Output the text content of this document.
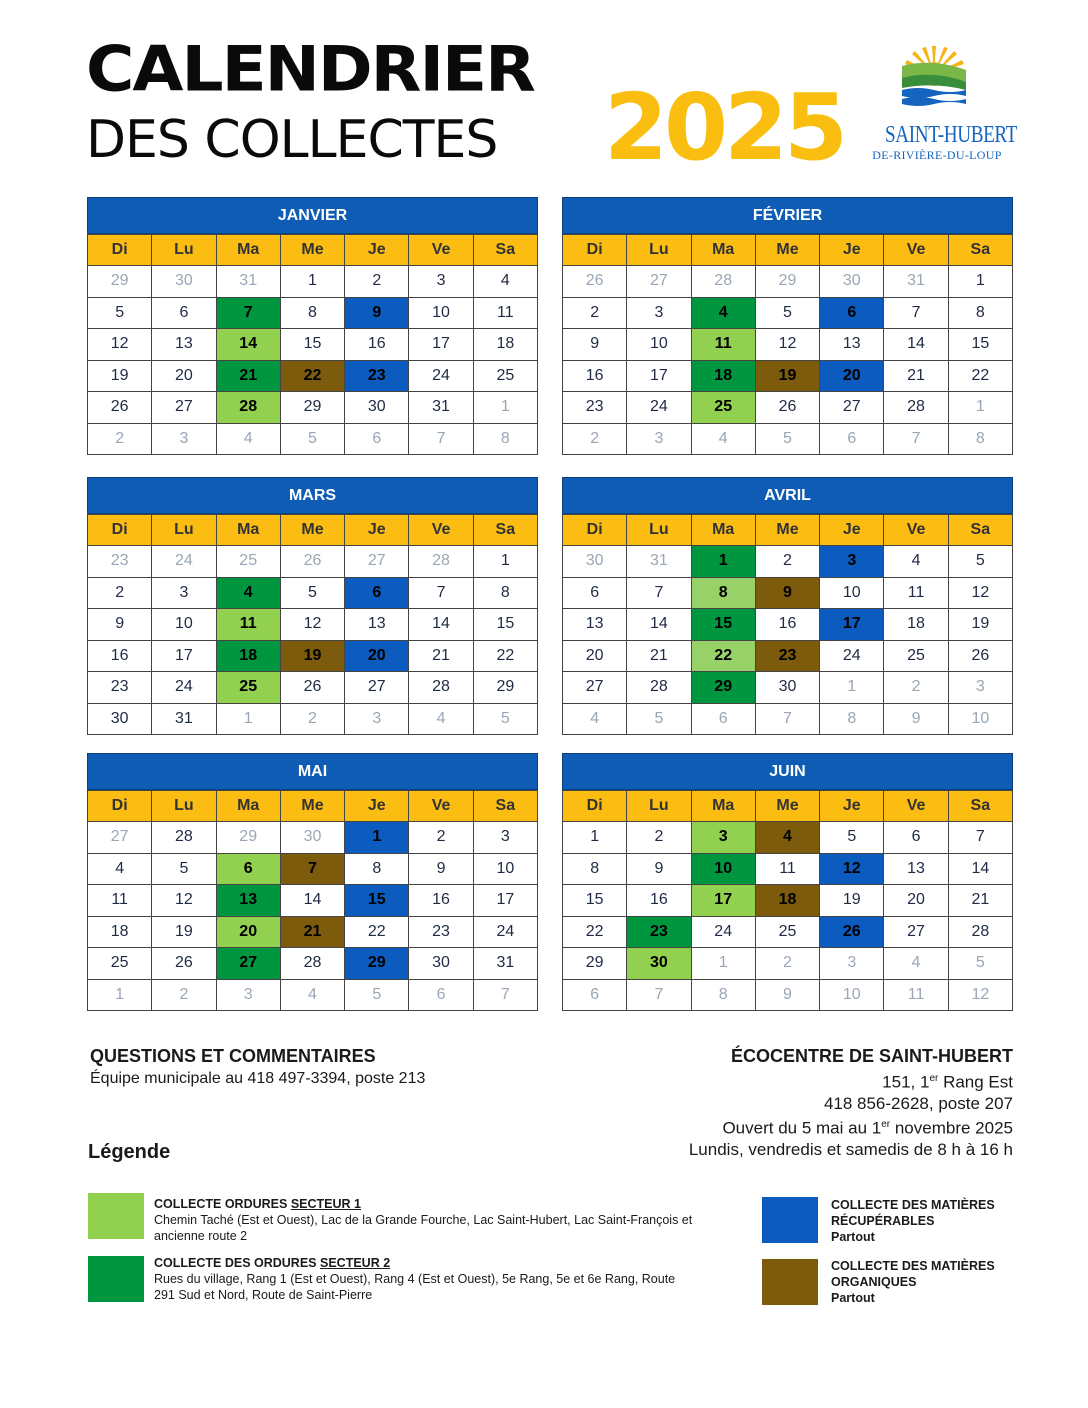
CALENDRIER
DES COLLECTES 2025 SAINT-HUBERT
DE-RIVIÈRE-DU-LOUP
JANVIER
Di	Lu	Ma	Me	Je	Ve	Sa
29	30	31	1	2	3	4
5	6	7	8	9	10	11
12	13	14	15	16	17	18
19	20	21	22	23	24	25
26	27	28	29	30	31	1
2	3	4	5	6	7	8
FÉVRIER
Di	Lu	Ma	Me	Je	Ve	Sa
26	27	28	29	30	31	1
2	3	4	5	6	7	8
9	10	11	12	13	14	15
16	17	18	19	20	21	22
23	24	25	26	27	28	1
2	3	4	5	6	7	8
MARS
Di	Lu	Ma	Me	Je	Ve	Sa
23	24	25	26	27	28	1
2	3	4	5	6	7	8
9	10	11	12	13	14	15
16	17	18	19	20	21	22
23	24	25	26	27	28	29
30	31	1	2	3	4	5
AVRIL
Di	Lu	Ma	Me	Je	Ve	Sa
30	31	1	2	3	4	5
6	7	8	9	10	11	12
13	14	15	16	17	18	19
20	21	22	23	24	25	26
27	28	29	30	1	2	3
4	5	6	7	8	9	10
MAI
Di	Lu	Ma	Me	Je	Ve	Sa
27	28	29	30	1	2	3
4	5	6	7	8	9	10
11	12	13	14	15	16	17
18	19	20	21	22	23	24
25	26	27	28	29	30	31
1	2	3	4	5	6	7
JUIN
Di	Lu	Ma	Me	Je	Ve	Sa
1	2	3	4	5	6	7
8	9	10	11	12	13	14
15	16	17	18	19	20	21
22	23	24	25	26	27	28
29	30	1	2	3	4	5
6	7	8	9	10	11	12
QUESTIONS ET COMMENTAIRES
Équipe municipale au 418 497-3394, poste 213
ÉCOCENTRE DE SAINT-HUBERT
151, 1er Rang Est
418 856-2628, poste 207
Ouvert du 5 mai au 1er novembre 2025
Lundis, vendredis et samedis de 8 h à 16 h
Légende
COLLECTE ORDURES SECTEUR 1
Chemin Taché (Est et Ouest), Lac de la Grande Fourche, Lac Saint-Hubert, Lac Saint-François et ancienne route 2
COLLECTE DES ORDURES SECTEUR 2
Rues du village, Rang 1 (Est et Ouest), Rang 4 (Est et Ouest), 5e Rang, 5e et 6e Rang, Route 291 Sud et Nord, Route de Saint-Pierre
COLLECTE DES MATIÈRES RÉCUPÉRABLES
Partout
COLLECTE DES MATIÈRES ORGANIQUES
Partout
